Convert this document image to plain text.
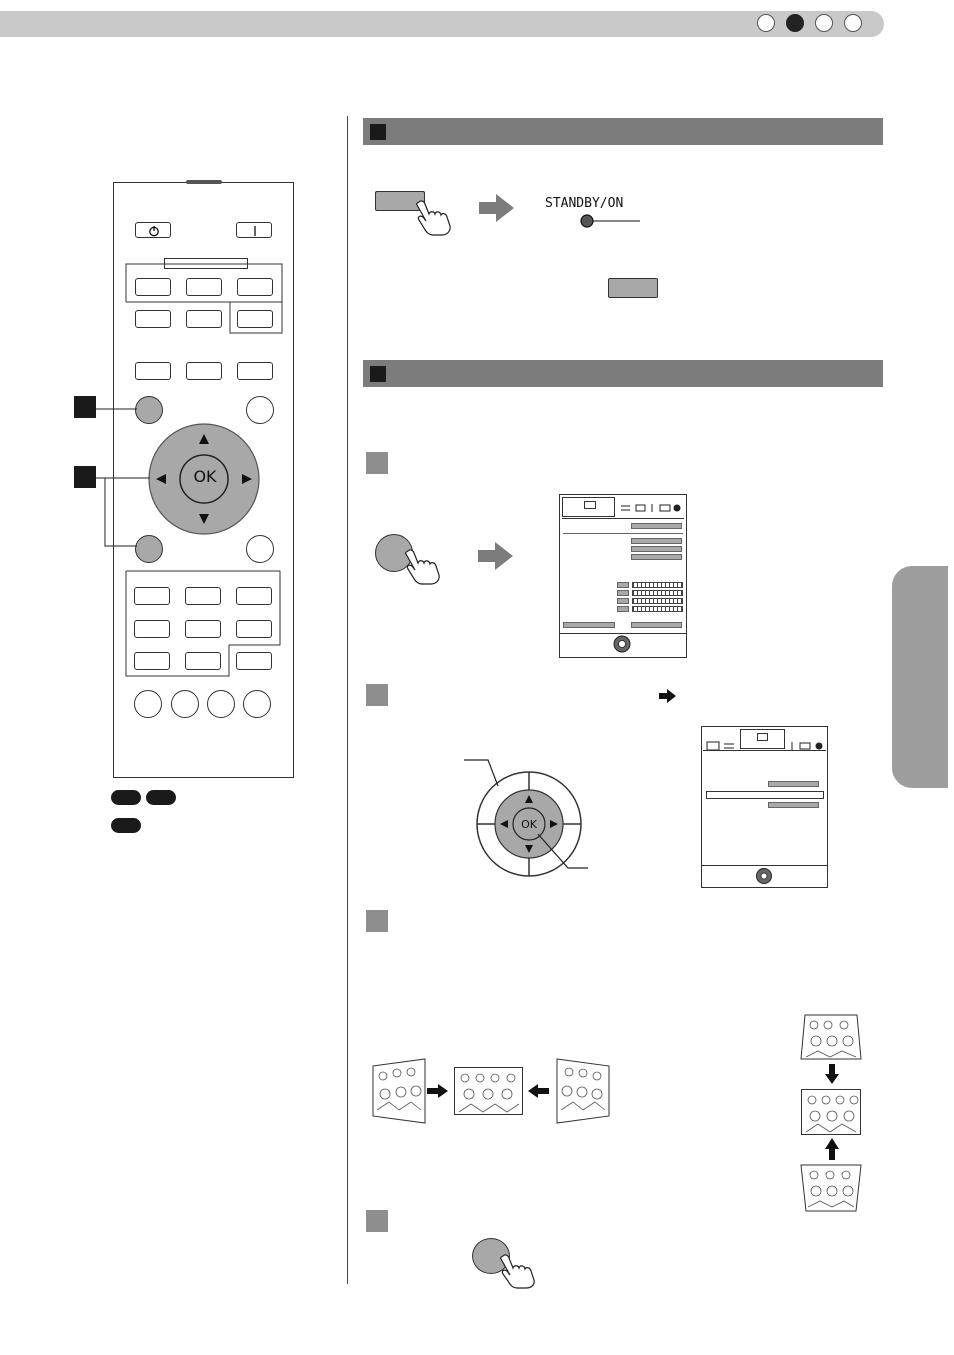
OK
STANDBY/ON
OK
